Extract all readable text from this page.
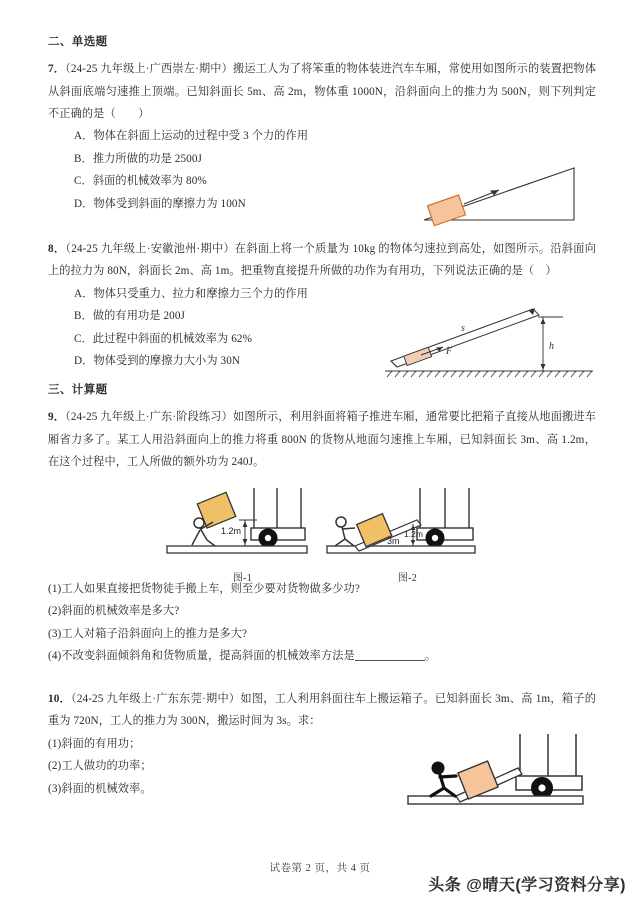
二、单选题

7．（24-25 九年级上·广西崇左·期中）搬运工人为了将笨重的物体装进汽车车厢，常使用如图所示的装置把物体从斜面底端匀速推上顶端。已知斜面长 5m、高 2m，物体重 1000N，沿斜面向上的推力为 500N，则下列判定不正确的是（　　）

A．物体在斜面上运动的过程中受 3 个力的作用
B．推力所做的功是 2500J
C．斜面的机械效率为 80%
D．物体受到斜面的摩擦力为 100N

8．（24-25 九年级上·安徽池州·期中）在斜面上将一个质量为 10kg 的物体匀速拉到高处，如图所示。沿斜面向上的拉力为 80N，斜面长 2m、高 1m。把重物直接提升所做的功作为有用功，下列说法正确的是（　）

A．物体只受重力、拉力和摩擦力三个力的作用
B．做的有用功是 200J
C．此过程中斜面的机械效率为 62%
D．物体受到的摩擦力大小为 30N
s
F	h
三、计算题

9．（24-25 九年级上·广东·阶段练习）如图所示，利用斜面将箱子推进车厢，通常要比把箱子直接从地面搬进车厢省力多了。某工人用沿斜面向上的推力将重 800N 的货物从地面匀速推上车厢，已知斜面长 3m、高 1.2m，在这个过程中，工人所做的额外功为 240J。

1.2m
图-1
3m
1.2m
图-2
(1)工人如果直接把货物徒手搬上车，则至少要对货物做多少功?
(2)斜面的机械效率是多大?
(3)工人对箱子沿斜面向上的推力是多大?
(4)不改变斜面倾斜角和货物质量，提高斜面的机械效率方法是	。

10．（24-25 九年级上·广东东莞·期中）如图，工人利用斜面往车上搬运箱子。已知斜面长 3m、高 1m，箱子的重为 720N，工人的推力为 300N，搬运时间为 3s。求：

(1)斜面的有用功；
(2)工人做功的功率；
(3)斜面的机械效率。
试卷第 2 页，共 4 页
头条 @晴天(学习资料分享)
